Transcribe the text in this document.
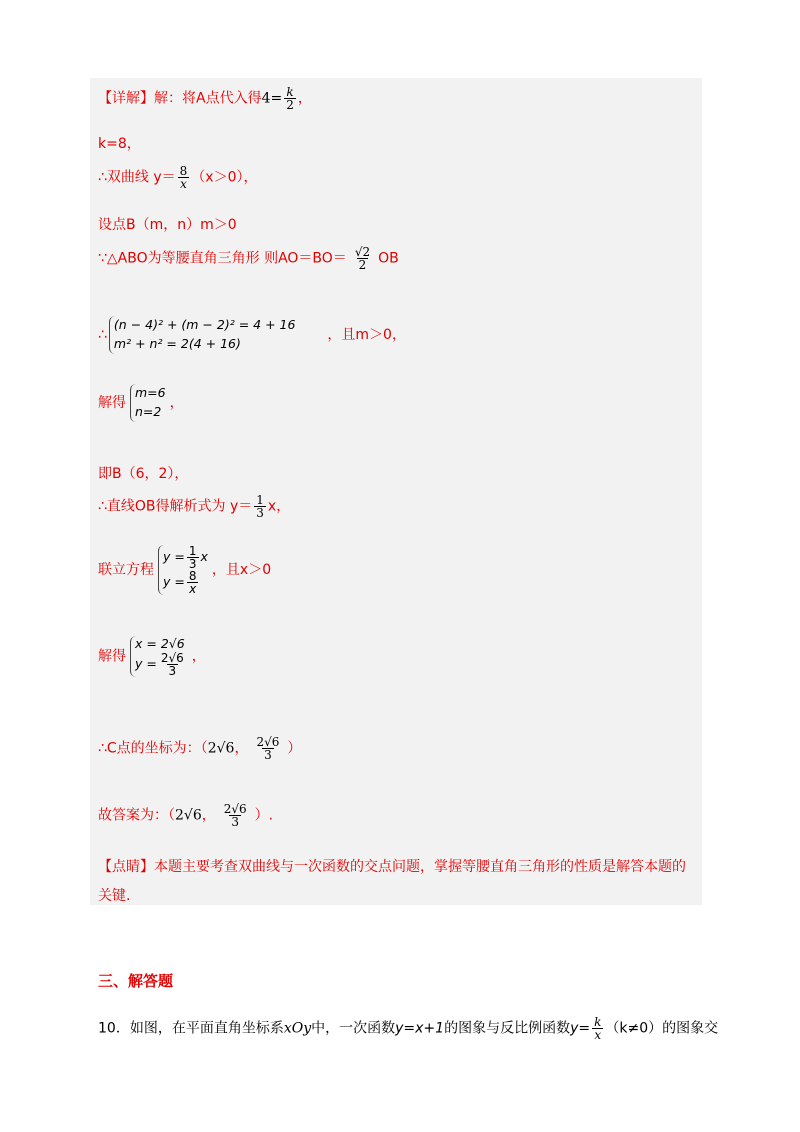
【详解】解：将A点代入得$4= \frac{k}{2}$ ，
k=8，
∴双曲线 $y= \frac{8}{x} (x>0)$，
设点B（m，n）m＞0
∵△ABO为等腰直角三角形 则$AO=BO= \frac{√2}{2}$ OB
∴
(n − 4)² + (m − 2)² = 4 + 16
m² + n² = 2(4 + 16)
，且m＞0，
解得
m=6
n=2
，
即B（6，2），
∴直线OB得解析式为 $y= \frac{1}{3}$ x，
联立方程
$y = \frac{1}{3}$ x
$y = \frac{8}{x}$ ，且x＞0
解得
x = 2√6
$y = \frac{2√6}{3}$ ，
∴C点的坐标为：（2√6， $\frac{2√6}{3}$ ）
故答案为：（2√6， $\frac{2√6}{3}$ ）.
【点睛】本题主要考查双曲线与一次函数的交点问题，掌握等腰直角三角形的性质是解答本题的
关键.
三、解答题
10．如图，在平面直角坐标系xOy中，一次函数y=x+1的图象与反比例函数$y= \frac{k}{x} (k\ne 0)$的图象交
